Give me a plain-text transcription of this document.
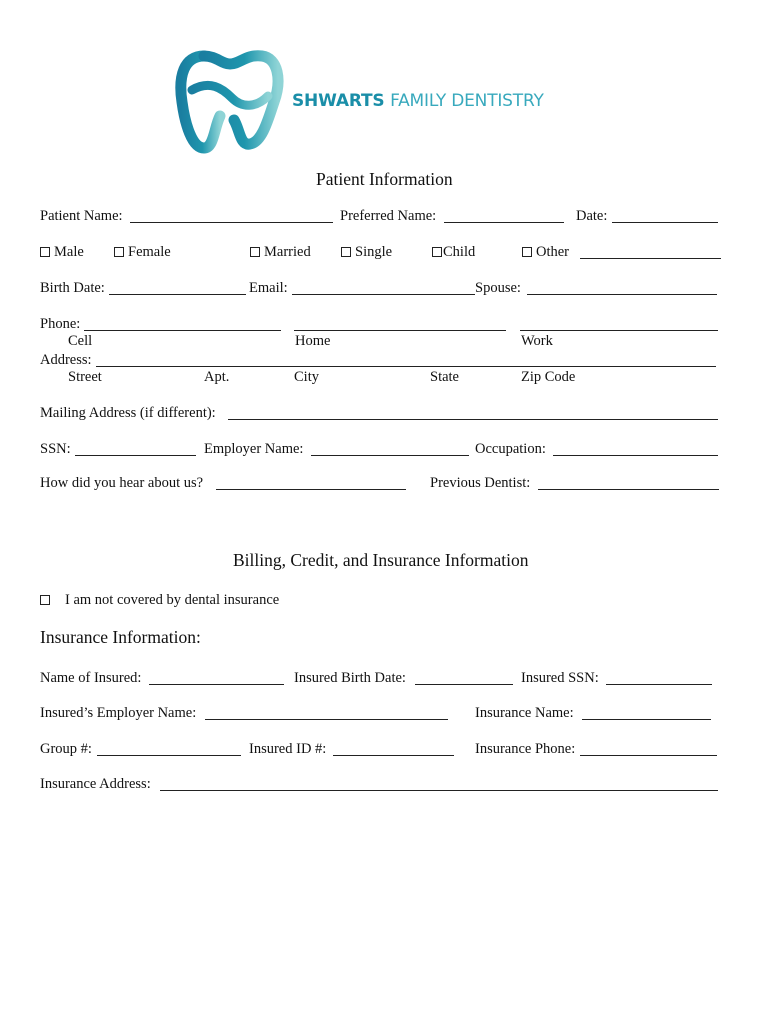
SHWARTS FAMILY DENTISTRY
Patient Information
Patient Name:	Preferred Name:	Date:
Male	Female	Married	Single	Child	Other
Birth Date:	Email:	Spouse:
Phone:
Cell	Home	Work
Address:
Street	Apt.	City	State	Zip Code
Mailing Address (if different):
SSN:	Employer Name:	Occupation:
How did you hear about us?	Previous Dentist:
Billing, Credit, and Insurance Information
I am not covered by dental insurance
Insurance Information:
Name of Insured:	Insured Birth Date:	Insured SSN:
Insured’s Employer Name:	Insurance Name:
Group #:	Insured ID #:	Insurance Phone:
Insurance Address:
